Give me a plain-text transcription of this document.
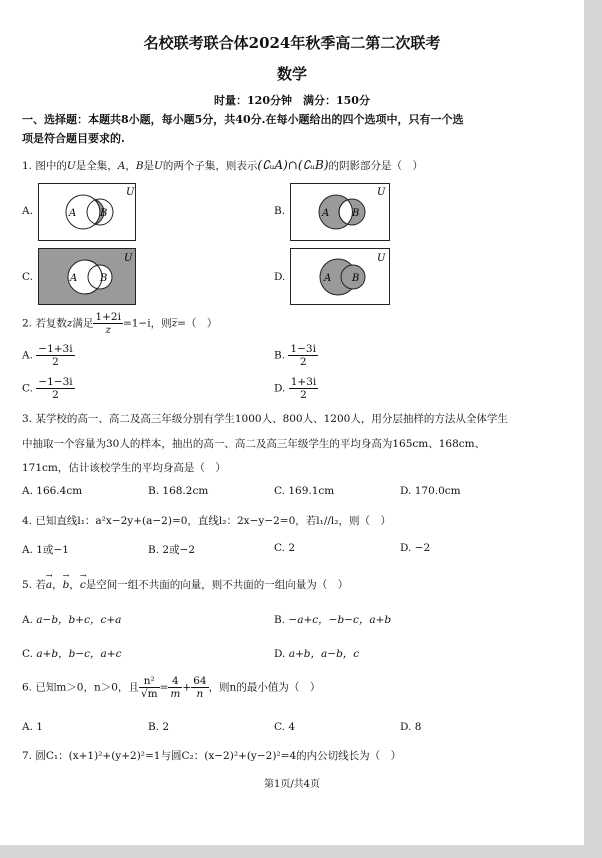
名校联考联合体2024年秋季高二第二次联考
数学
时量：120分钟　满分：150分
一、选择题：本题共8小题，每小题5分，共40分.在每小题给出的四个选项中，只有一个选
项是符合题目要求的.
1. 图中的U是全集，A，B是U的两个子集，则表示(∁ᵤA)∩(∁ᵤB)的阴影部分是（　）
A.
U
A B	B.
U
A B
C.
U
A B	D.
U
A B
2. 若复数z满足 $\frac{1+2i}{z} =1-i$，则z̅=（　）
A. $\frac{-1+3i}{2}$	B. $\frac{1-3i}{2}$
C. $\frac{-1-3i}{2}$	D. $\frac{1+3i}{2}$
3. 某学校的高一、高二及高三年级分别有学生1000人、800人、1200人，用分层抽样的方法从全体学生
中抽取一个容量为30人的样本，抽出的高一、高二及高三年级学生的平均身高为165cm、168cm、
171cm，估计该校学生的平均身高是（　）
A. 166.4cm	B. 168.2cm	C. 169.1cm	D. 170.0cm
4. 已知直线l₁：a²x−2y+(a−2)=0，直线l₂：2x−y−2=0，若l₁//l₂，则（　）
A. 1或−1	B. 2或−2	C. 2	D. −2
5. 若→ a，→ b，→ c是空间一组不共面的向量，则不共面的一组向量为（　）
A. a−b，b+c，c+a	B. −a+c，−b−c，a+b
C. a+b，b−c，a+c	D. a+b，a−b，c
6. 已知m＞0，n＞0，且 $\frac{\text{n²}}{√m} = \frac{4}{m} + \frac{64}{n}$ ，则n的最小值为（　）
A. 1	B. 2	C. 4	D. 8
7. 圆C₁：(x+1)²+(y+2)²=1与圆C₂：(x−2)²+(y−2)²=4的内公切线长为（　）
第1页/共4页
